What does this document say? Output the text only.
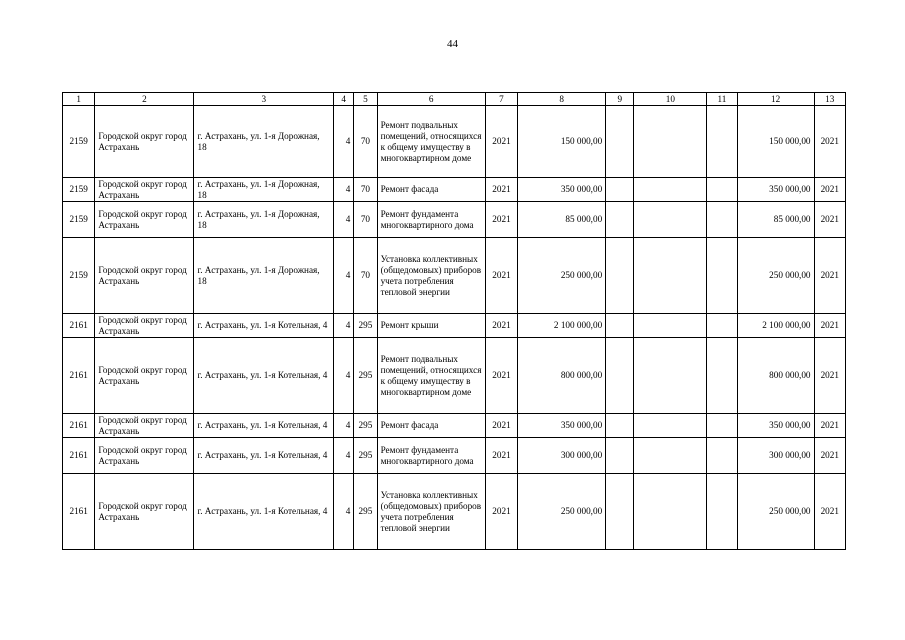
44
1	2	3	4	5	6	7	8	9	10	11	12	13
2159	Городской округ город Астрахань	г. Астрахань, ул. 1-я Дорожная, 18	4	70	Ремонт подвальных помещений, относящихся к общему имуществу в многоквартирном доме	2021	150 000,00				150 000,00	2021
2159	Городской округ город Астрахань	г. Астрахань, ул. 1-я Дорожная, 18	4	70	Ремонт фасада	2021	350 000,00				350 000,00	2021
2159	Городской округ город Астрахань	г. Астрахань, ул. 1-я Дорожная, 18	4	70	Ремонт фундамента многоквартирного дома	2021	85 000,00				85 000,00	2021
2159	Городской округ город Астрахань	г. Астрахань, ул. 1-я Дорожная, 18	4	70	Установка коллективных (общедомовых) приборов учета потребления тепловой энергии	2021	250 000,00				250 000,00	2021
2161	Городской округ город Астрахань	г. Астрахань, ул. 1-я Котельная, 4	4	295	Ремонт крыши	2021	2 100 000,00				2 100 000,00	2021
2161	Городской округ город Астрахань	г. Астрахань, ул. 1-я Котельная, 4	4	295	Ремонт подвальных помещений, относящихся к общему имуществу в многоквартирном доме	2021	800 000,00				800 000,00	2021
2161	Городской округ город Астрахань	г. Астрахань, ул. 1-я Котельная, 4	4	295	Ремонт фасада	2021	350 000,00				350 000,00	2021
2161	Городской округ город Астрахань	г. Астрахань, ул. 1-я Котельная, 4	4	295	Ремонт фундамента многоквартирного дома	2021	300 000,00				300 000,00	2021
2161	Городской округ город Астрахань	г. Астрахань, ул. 1-я Котельная, 4	4	295	Установка коллективных (общедомовых) приборов учета потребления тепловой энергии	2021	250 000,00				250 000,00	2021
